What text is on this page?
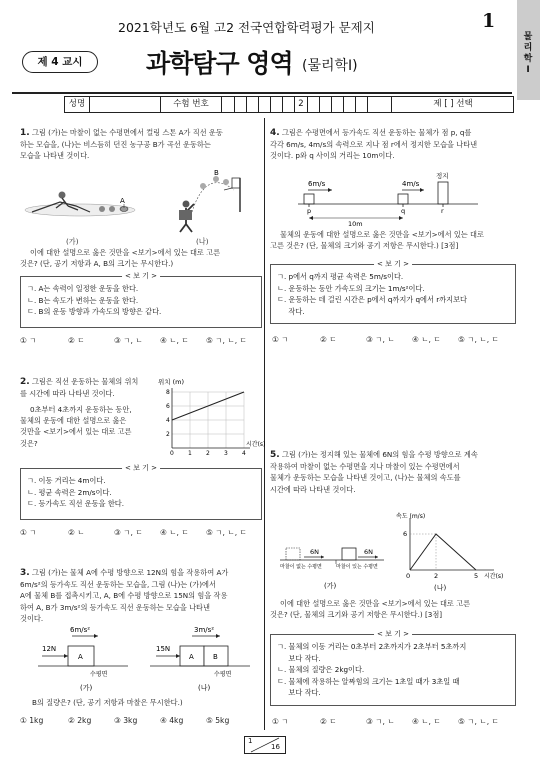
2021학년도 6월 고2 전국연합학력평가 문제지	1
물리학Ⅰ
제 4 교시	과학탐구 영역 (물리학Ⅰ)
성명	수험 번호	2	제 [ ] 선택
1. 그림 (가)는 마찰이 없는 수평면에서 컬링 스톤 A가 직선 운동
하는 모습을, (나)는 비스듬히 던진 농구공 B가 곡선 운동하는
모습을 나타낸 것이다.
A
B
(가)	(나)
이에 대한 설명으로 옳은 것만을 <보기>에서 있는 대로 고른
것은? (단, 공기 저항과 A, B의 크기는 무시한다.)
< 보 기 >
ㄱ. A는 속력이 일정한 운동을 한다.
ㄴ. B는 속도가 변하는 운동을 한다.
ㄷ. B의 운동 방향과 가속도의 방향은 같다.
① ㄱ	② ㄷ	③ ㄱ, ㄴ	④ ㄴ, ㄷ	⑤ ㄱ, ㄴ, ㄷ
2. 그림은 직선 운동하는 물체의 위치
를 시간에 따라 나타낸 것이다.
0초부터 4초까지 운동하는 동안,
물체의 운동에 대한 설명으로 옳은
것만을 <보기>에서 있는 대로 고른
것은?
위치 (m)
8
6
4
2
0 1 2 3 4
시간(s)
< 보 기 >
ㄱ. 이동 거리는 4m이다.
ㄴ. 평균 속력은 2m/s이다.
ㄷ. 등가속도 직선 운동을 한다.
① ㄱ	② ㄴ	③ ㄱ, ㄷ	④ ㄴ, ㄷ	⑤ ㄱ, ㄴ, ㄷ
3. 그림 (가)는 물체 A에 수평 방향으로 12N의 힘을 작용하여 A가
6m/s²의 등가속도 직선 운동하는 모습을, 그림 (나)는 (가)에서
A에 물체 B를 접촉시키고, A, B에 수평 방향으로 15N의 힘을 작용
하여 A, B가 3m/s²의 등가속도 직선 운동하는 모습을 나타낸
것이다.
6m/s²
12N
A
수평면
3m/s²
15N
A	B
수평면
(가)	(나)
B의 질량은? (단, 공기 저항과 마찰은 무시한다.)
① 1kg	② 2kg	③ 3kg	④ 4kg	⑤ 5kg
4. 그림은 수평면에서 등가속도 직선 운동하는 물체가 점 p, q를
각각 6m/s, 4m/s의 속력으로 지나 점 r에서 정지한 모습을 나타낸
것이다. p와 q 사이의 거리는 10m이다.
정지
6m/s	4m/s
p	q	r
10m
물체의 운동에 대한 설명으로 옳은 것만을 <보기>에서 있는 대로
고른 것은? (단, 물체의 크기와 공기 저항은 무시한다.) [3점]
< 보 기 >
ㄱ. p에서 q까지 평균 속력은 5m/s이다.
ㄴ. 운동하는 동안 가속도의 크기는 1m/s²이다.
ㄷ. 운동하는 데 걸린 시간은 p에서 q까지가 q에서 r까지보다
작다.
① ㄱ	② ㄷ	③ ㄱ, ㄴ	④ ㄴ, ㄷ	⑤ ㄱ, ㄴ, ㄷ
5. 그림 (가)는 정지해 있는 물체에 6N의 힘을 수평 방향으로 계속
작용하여 마찰이 없는 수평면을 지나 마찰이 있는 수평면에서
물체가 운동하는 모습을 나타낸 것이고, (나)는 물체의 속도를
시간에 따라 나타낸 것이다.
6N	6N
마찰이 없는 수평면	마찰이 있는 수평면
(가)
속도 (m/s)
6
0	2	5 시간(s)
(나)
이에 대한 설명으로 옳은 것만을 <보기>에서 있는 대로 고른
것은? (단, 물체의 크기와 공기 저항은 무시한다.) [3점]
< 보 기 >
ㄱ. 물체의 이동 거리는 0초부터 2초까지가 2초부터 5초까지
보다 작다.
ㄴ. 물체의 질량은 2kg이다.
ㄷ. 물체에 작용하는 알짜힘의 크기는 1초일 때가 3초일 때
보다 작다.
① ㄱ	② ㄷ	③ ㄱ, ㄴ	④ ㄴ, ㄷ	⑤ ㄱ, ㄴ, ㄷ
1
16
